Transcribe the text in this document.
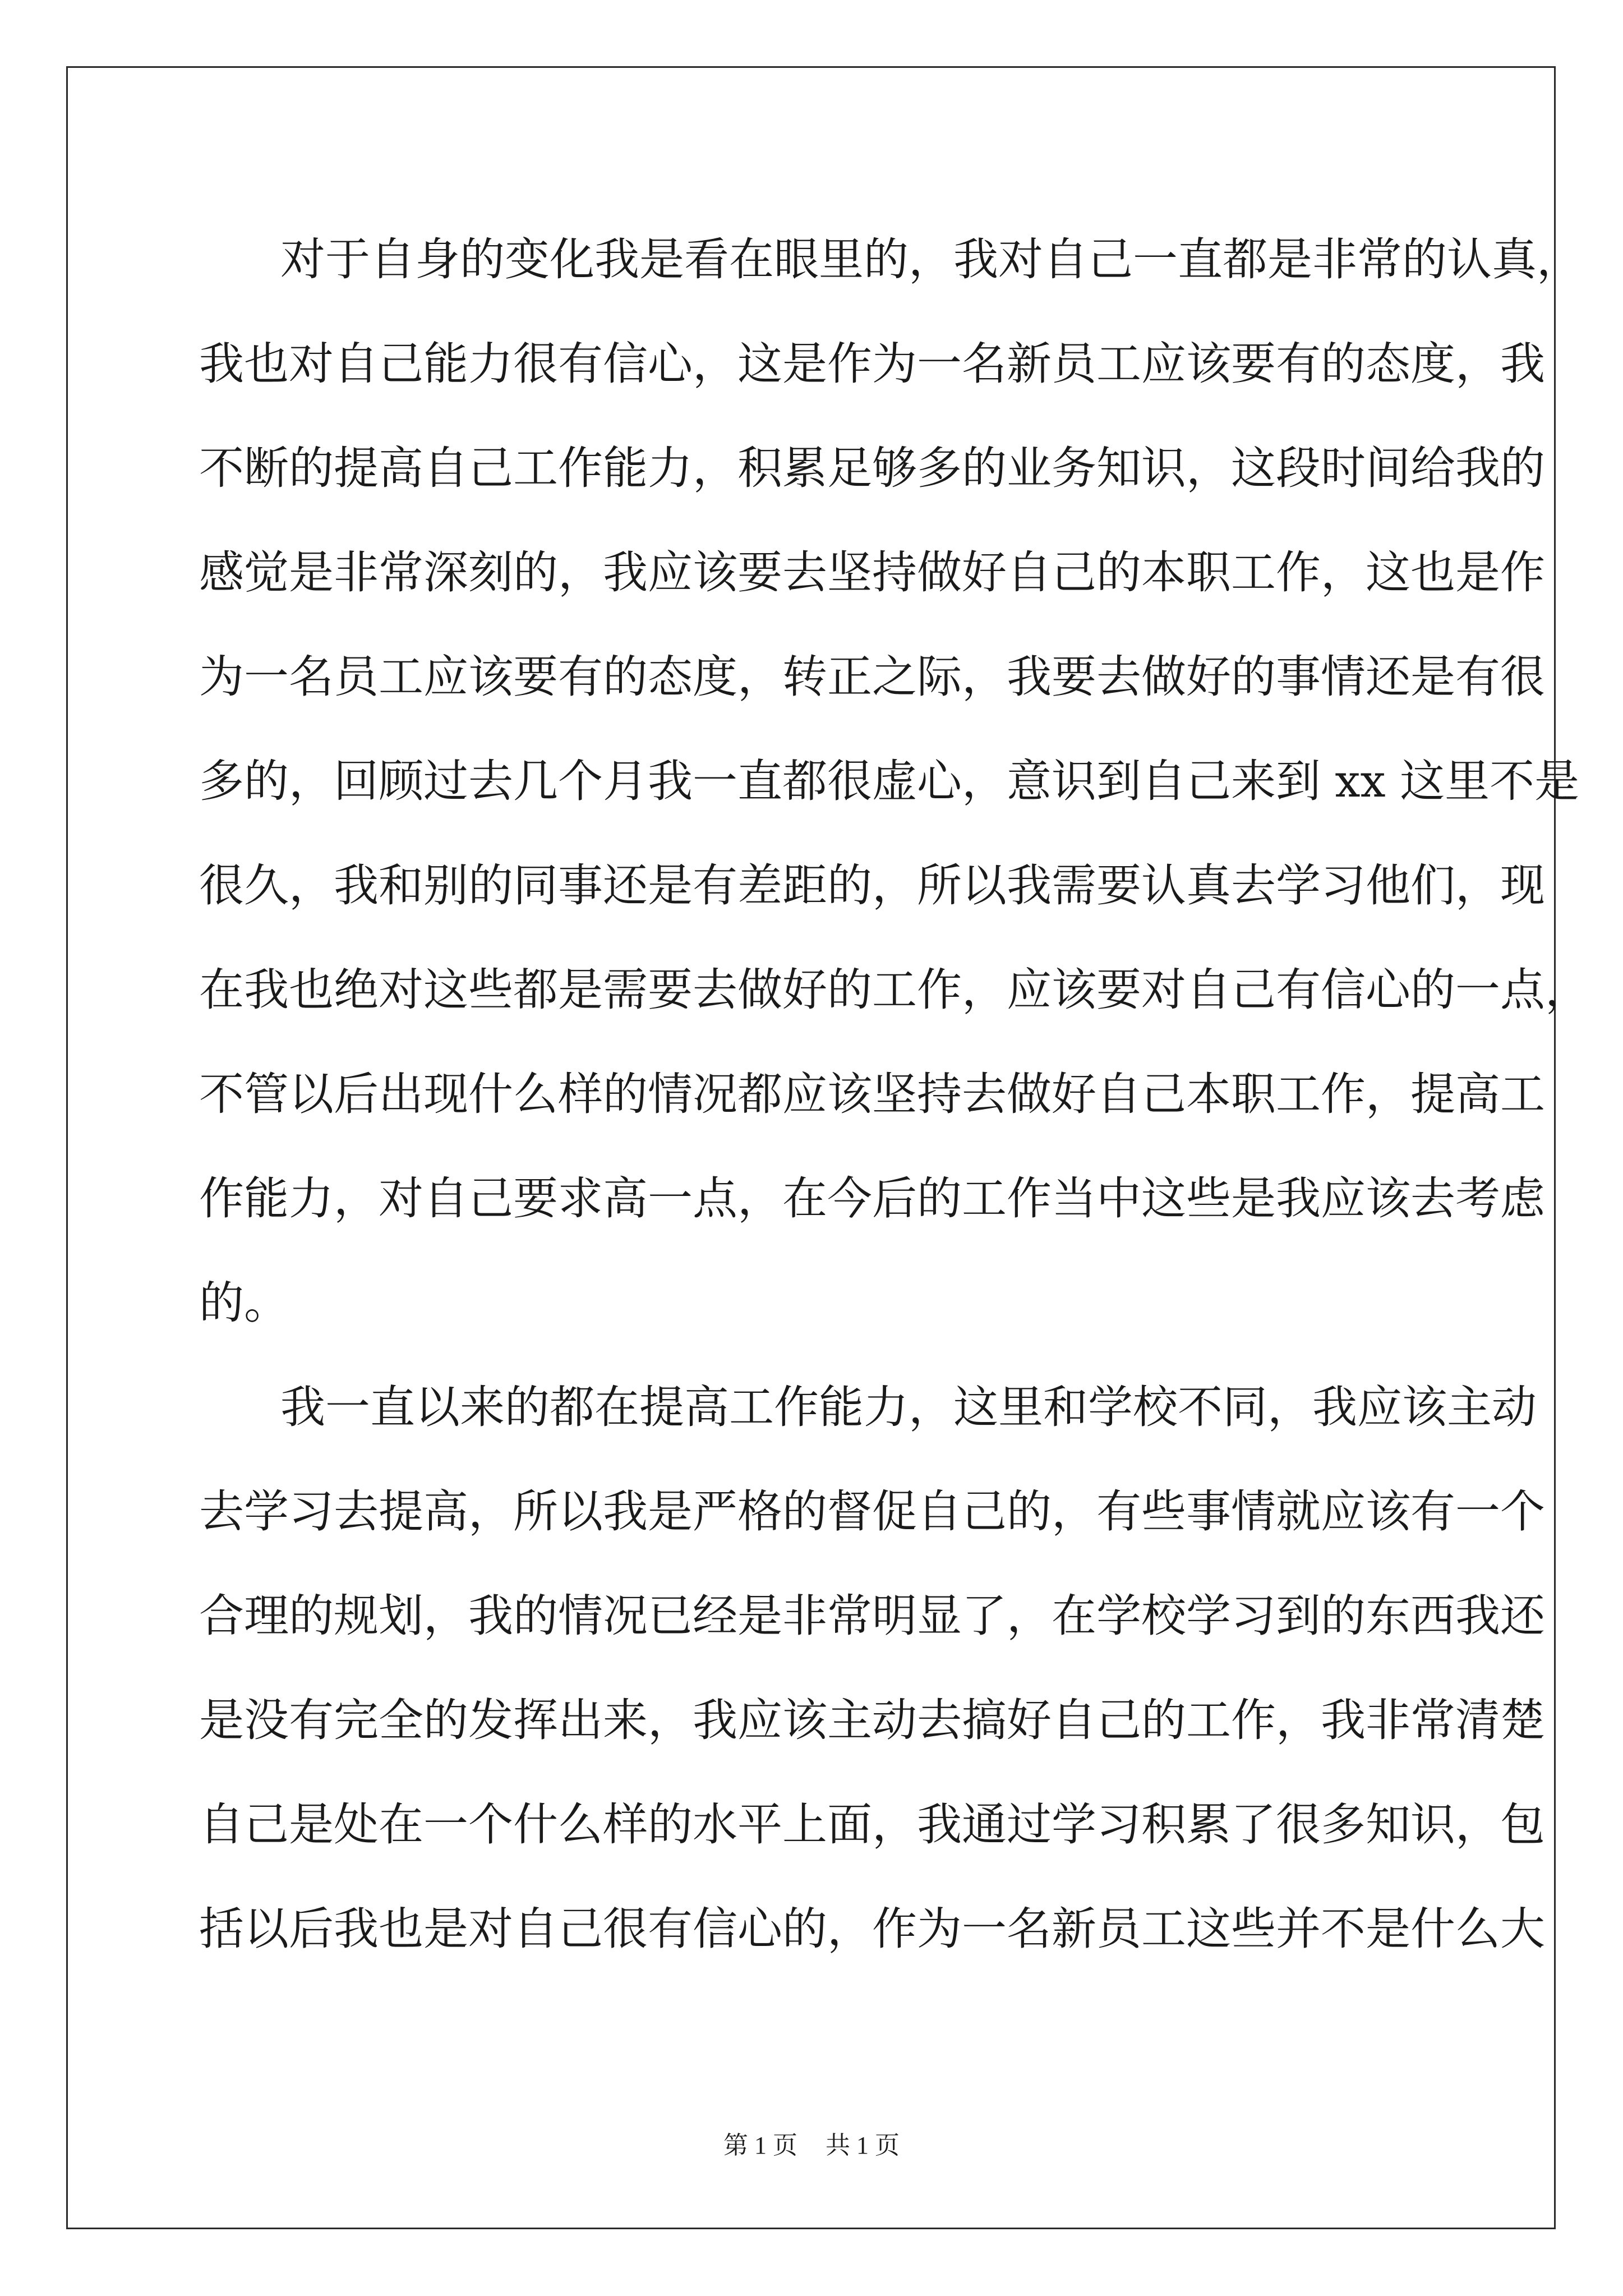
对于自身的变化我是看在眼里的，我对自己一直都是非常的认真，
我也对自己能力很有信心，这是作为一名新员工应该要有的态度，我
不断的提高自己工作能力，积累足够多的业务知识，这段时间给我的
感觉是非常深刻的，我应该要去坚持做好自己的本职工作，这也是作
为一名员工应该要有的态度，转正之际，我要去做好的事情还是有很
多的，回顾过去几个月我一直都很虚心，意识到自己来到 xx 这里不是
很久，我和别的同事还是有差距的，所以我需要认真去学习他们，现
在我也绝对这些都是需要去做好的工作，应该要对自己有信心的一点，
不管以后出现什么样的情况都应该坚持去做好自己本职工作，提高工
作能力，对自己要求高一点，在今后的工作当中这些是我应该去考虑
的。
我一直以来的都在提高工作能力，这里和学校不同，我应该主动
去学习去提高，所以我是严格的督促自己的，有些事情就应该有一个
合理的规划，我的情况已经是非常明显了，在学校学习到的东西我还
是没有完全的发挥出来，我应该主动去搞好自己的工作，我非常清楚
自己是处在一个什么样的水平上面，我通过学习积累了很多知识，包
括以后我也是对自己很有信心的，作为一名新员工这些并不是什么大
第 1 页 共 1 页
